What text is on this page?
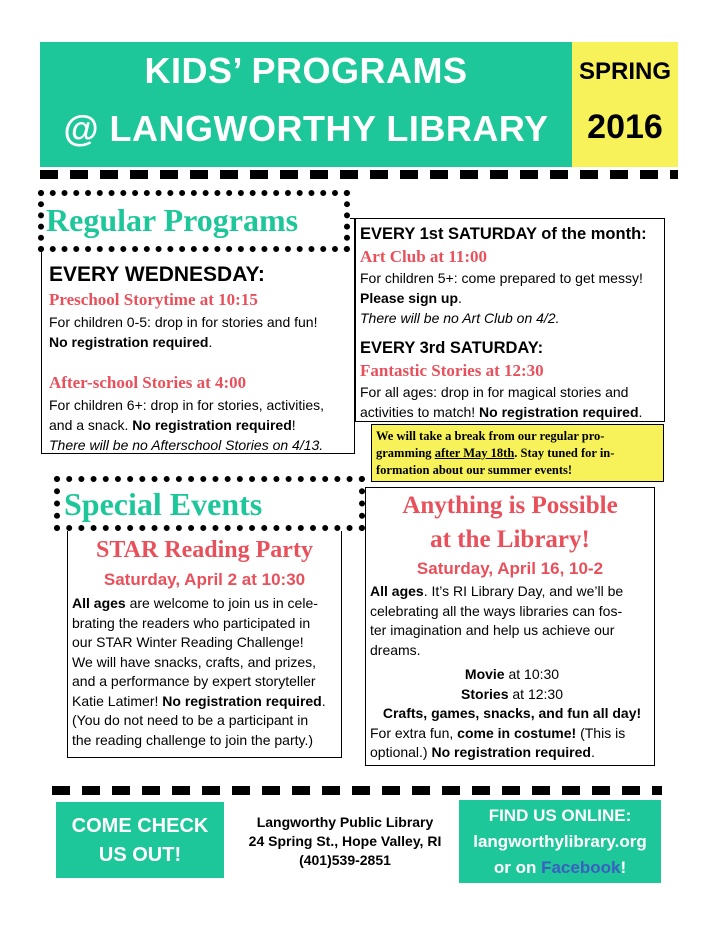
KIDS’ PROGRAMS
@ LANGWORTHY LIBRARY
SPRING
2016
EVERY WEDNESDAY:
Preschool Storytime at 10:15
For children 0-5: drop in for stories and fun!
No registration required.
After-school Stories at 4:00
For children 6+: drop in for stories, activities,
and a snack. No registration required!
There will be no Afterschool Stories on 4/13.
Regular Programs	EVERY 1st SATURDAY of the month:
Art Club at 11:00
For children 5+: come prepared to get messy!
Please sign up.
There will be no Art Club on 4/2.
EVERY 3rd SATURDAY:
Fantastic Stories at 12:30
For all ages: drop in for magical stories and
activities to match! No registration required.
We will take a break from our regular pro-
gramming after May 18th. Stay tuned for in-
formation about our summer events!
STAR Reading Party
Saturday, April 2 at 10:30
All ages are welcome to join us in cele-
brating the readers who participated in
our STAR Winter Reading Challenge!
We will have snacks, crafts, and prizes,
and a performance by expert storyteller
Katie Latimer! No registration required.
(You do not need to be a participant in
the reading challenge to join the party.)
Special Events	Anything is Possible
at the Library!
Saturday, April 16, 10-2
All ages. It’s RI Library Day, and we’ll be
celebrating all the ways libraries can fos-
ter imagination and help us achieve our
dreams.
Movie at 10:30
Stories at 12:30
Crafts, games, snacks, and fun all day!
For extra fun, come in costume! (This is
optional.) No registration required.
COME CHECK
US OUT!
Langworthy Public Library
24 Spring St., Hope Valley, RI
(401)539-2851
FIND US ONLINE:
langworthylibrary.org
or on Facebook!
